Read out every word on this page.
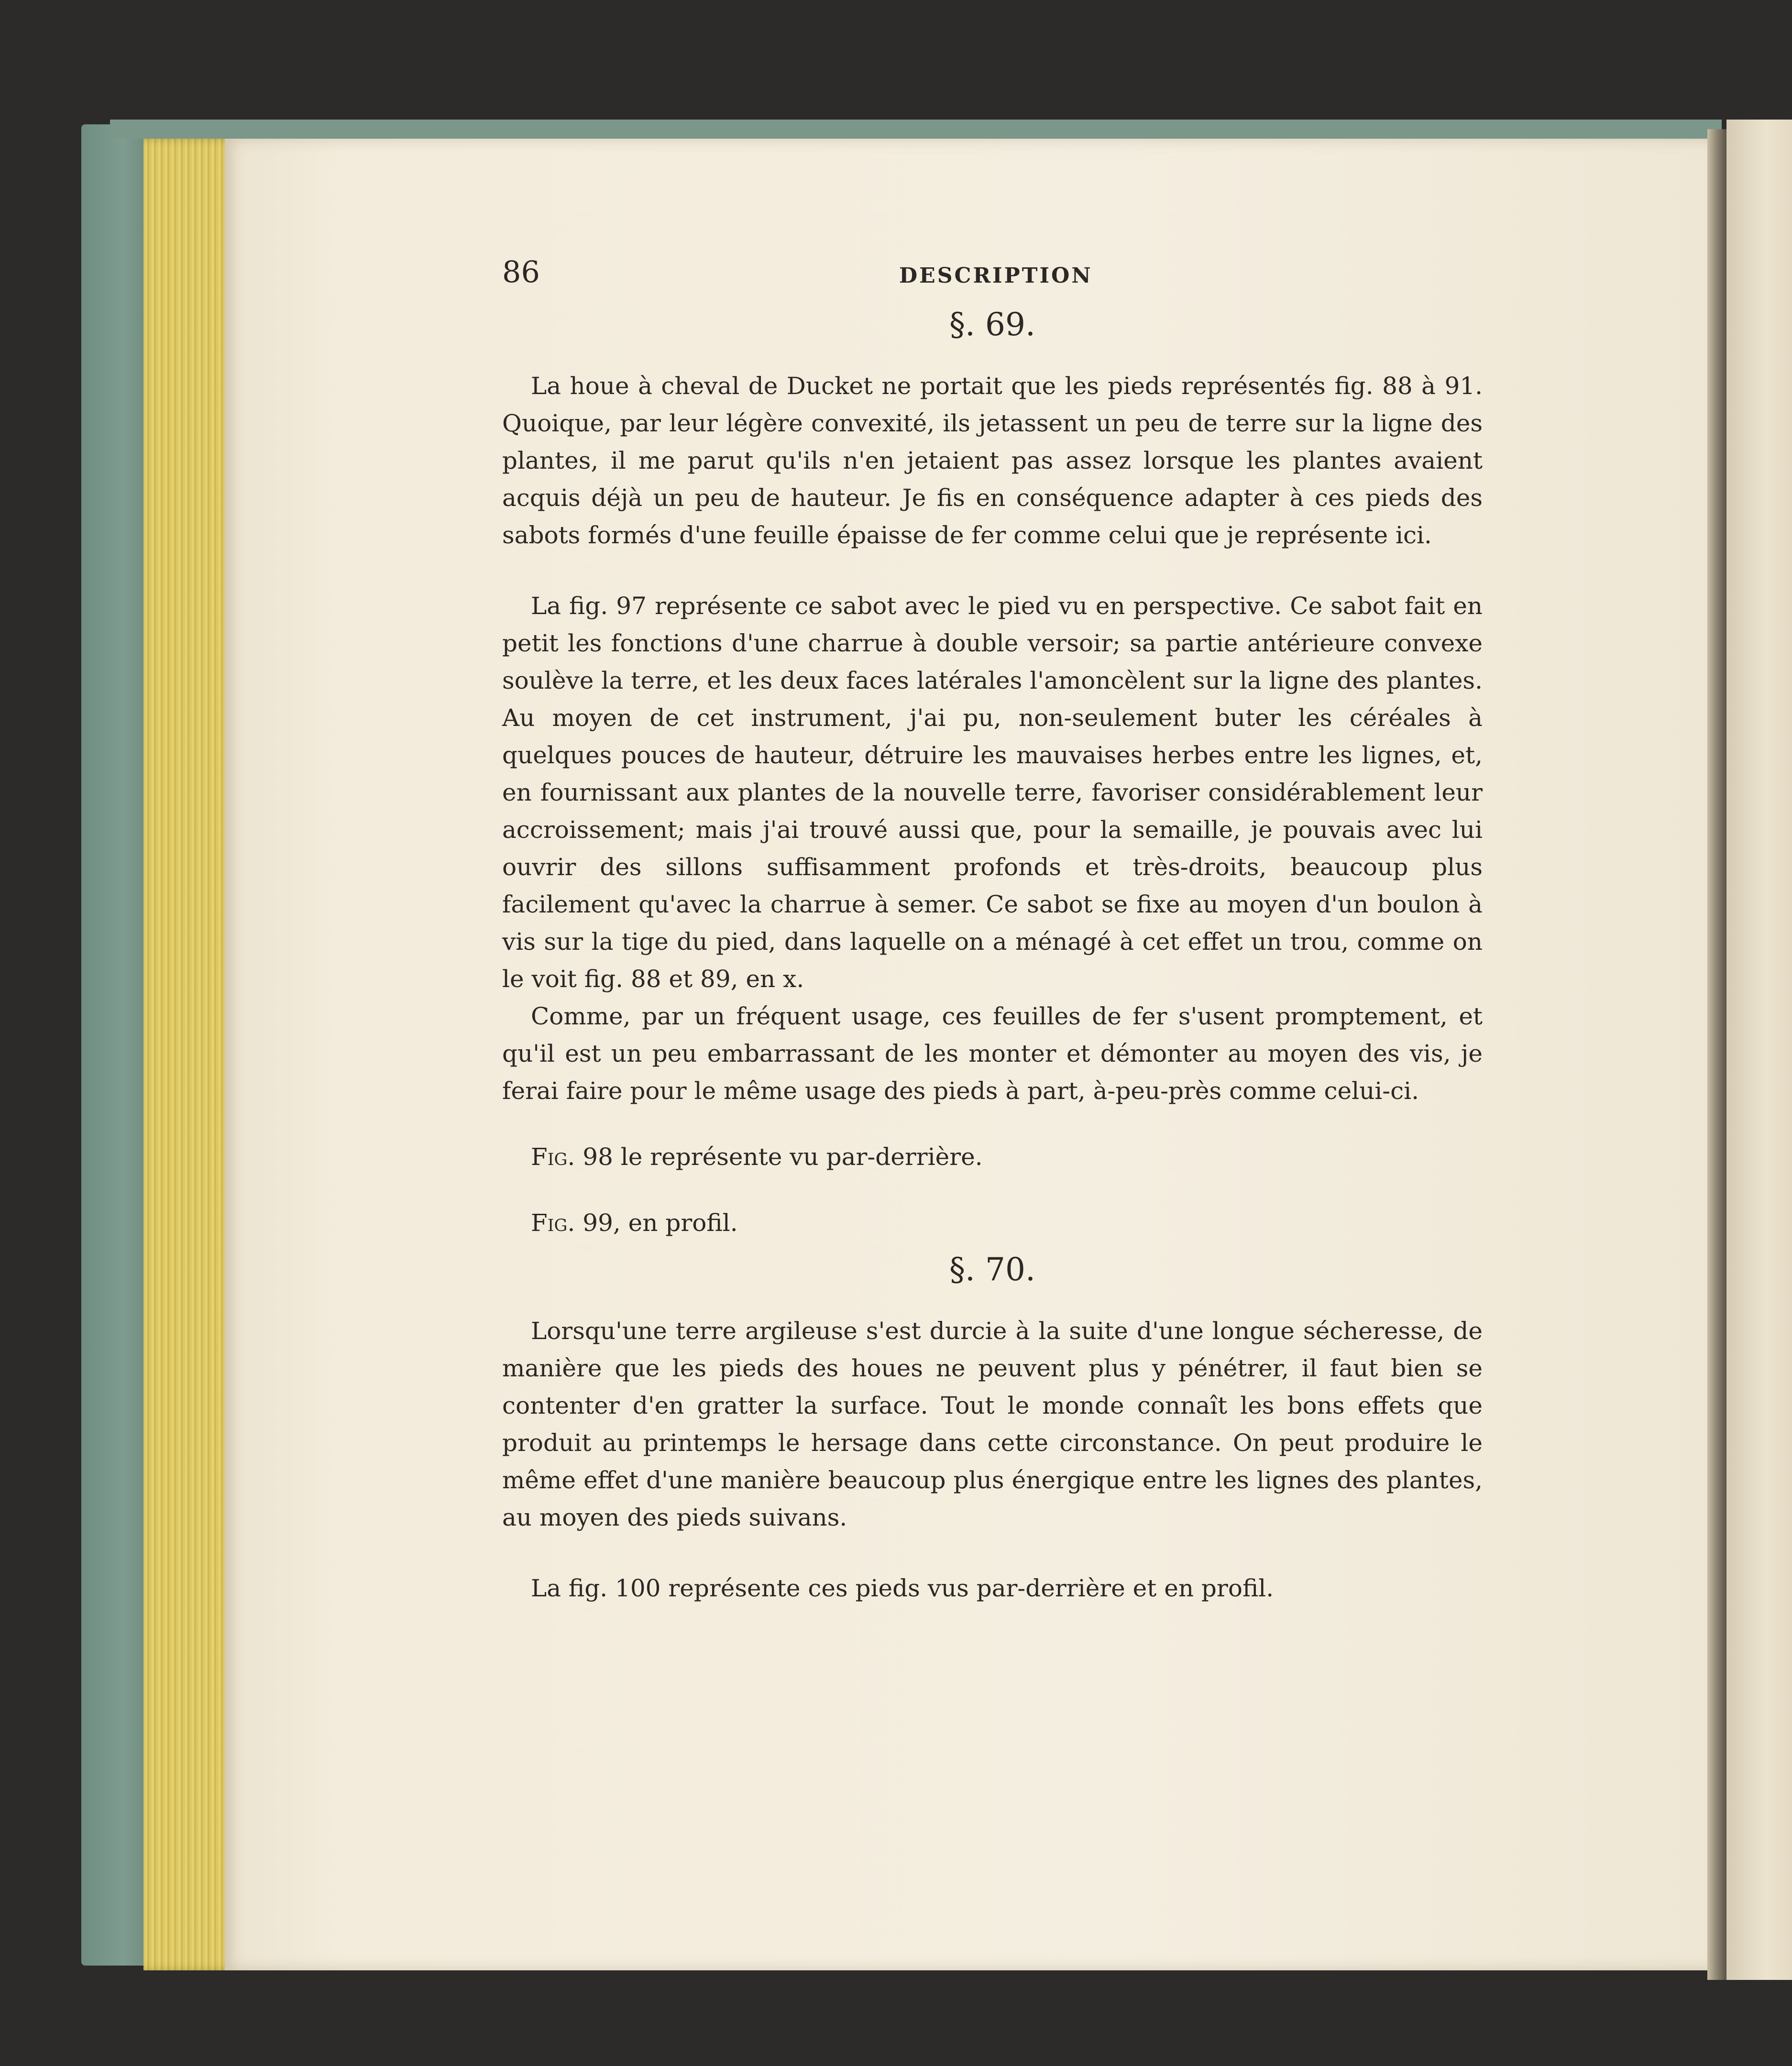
86	DESCRIPTION
§. 69.

La houe à cheval de Ducket ne portait que les pieds représentés fig. 88 à 91. Quoique, par leur légère convexité, ils jetassent un peu de terre sur la ligne des plantes, il me parut qu'ils n'en jetaient pas assez lorsque les plantes avaient acquis déjà un peu de hauteur. Je fis en conséquence adapter à ces pieds des sabots formés d'une feuille épaisse de fer comme celui que je représente ici.

La fig. 97 représente ce sabot avec le pied vu en perspective. Ce sabot fait en petit les fonctions d'une charrue à double versoir; sa partie antérieure convexe soulève la terre, et les deux faces latérales l'amoncèlent sur la ligne des plantes. Au moyen de cet instrument, j'ai pu, non-seulement buter les céréales à quelques pouces de hauteur, détruire les mauvaises herbes entre les lignes, et, en fournissant aux plantes de la nouvelle terre, favoriser considérablement leur accroissement; mais j'ai trouvé aussi que, pour la semaille, je pouvais avec lui ouvrir des sillons suffisamment profonds et très-droits, beaucoup plus facilement qu'avec la charrue à semer. Ce sabot se fixe au moyen d'un boulon à vis sur la tige du pied, dans laquelle on a ménagé à cet effet un trou, comme on le voit fig. 88 et 89, en x.

Comme, par un fréquent usage, ces feuilles de fer s'usent promptement, et qu'il est un peu embarrassant de les monter et démonter au moyen des vis, je ferai faire pour le même usage des pieds à part, à-peu-près comme celui-ci.

Fig. 98 le représente vu par-derrière.

Fig. 99, en profil.

§. 70.

Lorsqu'une terre argileuse s'est durcie à la suite d'une longue sécheresse, de manière que les pieds des houes ne peuvent plus y pénétrer, il faut bien se contenter d'en gratter la surface. Tout le monde connaît les bons effets que produit au printemps le hersage dans cette circonstance. On peut produire le même effet d'une manière beaucoup plus énergique entre les lignes des plantes, au moyen des pieds suivans.

La fig. 100 représente ces pieds vus par-derrière et en profil.
